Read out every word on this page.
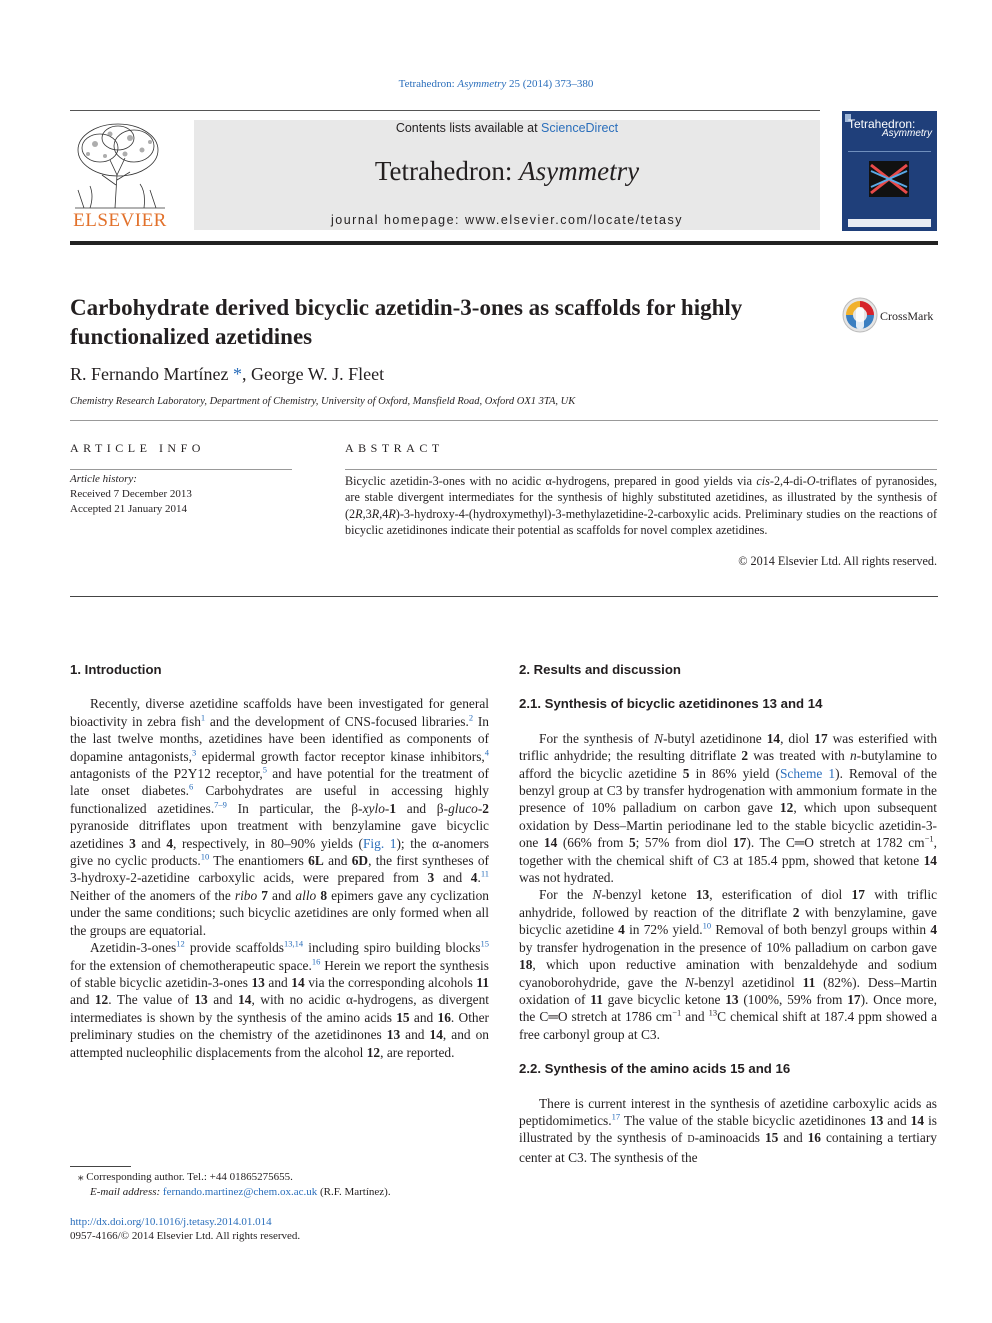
Tetrahedron: Asymmetry 25 (2014) 373–380
ELSEVIER
Contents lists available at ScienceDirect
Tetrahedron: Asymmetry
journal homepage: www.elsevier.com/locate/tetasy
Tetrahedron:
Asymmetry
Carbohydrate derived bicyclic azetidin-3-ones as scaffolds for highly functionalized azetidines
CrossMark
R. Fernando Martínez *, George W. J. Fleet
Chemistry Research Laboratory, Department of Chemistry, University of Oxford, Mansfield Road, Oxford OX1 3TA, UK
ARTICLE INFO
Article history:
Received 7 December 2013
Accepted 21 January 2014
ABSTRACT
Bicyclic azetidin-3-ones with no acidic α-hydrogens, prepared in good yields via cis-2,4-di-O-triflates of pyranosides, are stable divergent intermediates for the synthesis of highly substituted azetidines, as illustrated by the synthesis of (2R,3R,4R)-3-hydroxy-4-(hydroxymethyl)-3-methylazetidine-2-carboxylic acids. Preliminary studies on the reactions of bicyclic azetidinones indicate their potential as scaffolds for novel complex azetidines.
© 2014 Elsevier Ltd. All rights reserved.
1. Introduction

Recently, diverse azetidine scaffolds have been investigated for general bioactivity in zebra fish$^1$ and the development of CNS-focused libraries.$^2$ In the last twelve months, azetidines have been identified as components of dopamine antagonists,$^3$ epidermal growth factor receptor kinase inhibitors,$^4$ antagonists of the P2Y12 receptor,$^5$ and have potential for the treatment of late onset diabetes.$^6$ Carbohydrates are useful in accessing highly functionalized azetidines.$^{7-9}$ In particular, the β-xylo-1 and β-gluco-2 pyranoside ditriflates upon treatment with benzylamine gave bicyclic azetidines 3 and 4, respectively, in 80–90% yields (Fig. 1); the α-anomers give no cyclic products.$^{10}$ The enantiomers 6L and 6D, the first syntheses of 3-hydroxy-2-azetidine carboxylic acids, were prepared from 3 and 4.11 Neither of the anomers of the ribo 7 and allo 8 epimers gave any cyclization under the same conditions; such bicyclic azetidines are only formed when all the groups are equatorial.

Azetidin-3-ones$^{12}$ provide scaffolds$^{13,14}$ including spiro building blocks$^{15}$ for the extension of chemotherapeutic space.$^{16}$ Herein we report the synthesis of stable bicyclic azetidin-3-ones 13 and 14 via the corresponding alcohols 11 and 12. The value of 13 and 14, with no acidic α-hydrogens, as divergent intermediates is shown by the synthesis of the amino acids 15 and 16. Other preliminary studies on the chemistry of the azetidinones 13 and 14, and on attempted nucleophilic displacements from the alcohol 12, are reported.

2. Results and discussion
2.1. Synthesis of bicyclic azetidinones 13 and 14

For the synthesis of N-butyl azetidinone 14, diol 17 was esterified with triflic anhydride; the resulting ditriflate 2 was treated with n-butylamine to afford the bicyclic azetidine 5 in 86% yield (Scheme 1). Removal of the benzyl group at C3 by transfer hydrogenation with ammonium formate in the presence of 10% palladium on carbon gave 12, which upon subsequent oxidation by Dess–Martin periodinane led to the stable bicyclic azetidin-3-one 14 (66% from 5; 57% from diol 17). The C═O stretch at 1782 $cm^{-1}$, together with the chemical shift of C3 at 185.4 ppm, showed that ketone 14 was not hydrated.

For the N-benzyl ketone 13, esterification of diol 17 with triflic anhydride, followed by reaction of the ditriflate 2 with benzylamine, gave bicyclic azetidine 4 in 72% yield.$^{10}$ Removal of both benzyl groups within 4 by transfer hydrogenation in the presence of 10% palladium on carbon gave 18, which upon reductive amination with benzaldehyde and sodium cyanoborohydride, gave the N-benzyl azetidinol 11 (82%). Dess–Martin oxidation of 11 gave bicyclic ketone 13 (100%, 59% from 17). Once more, the C═O stretch at 1786 $cm^{-1}$ and $^{13}$C chemical shift at 187.4 ppm showed a free carbonyl group at C3.

2.2. Synthesis of the amino acids 15 and 16

There is current interest in the synthesis of azetidine carboxylic acids as peptidomimetics.$^{17}$ The value of the stable bicyclic azetidinones 13 and 14 is illustrated by the synthesis of D-aminoacids 15 and 16 containing a tertiary center at C3. The synthesis of the

⁎ Corresponding author. Tel.: +44 01865275655.
E-mail address: fernando.martinez@chem.ox.ac.uk (R.F. Martínez).
http://dx.doi.org/10.1016/j.tetasy.2014.01.014
0957-4166/© 2014 Elsevier Ltd. All rights reserved.
